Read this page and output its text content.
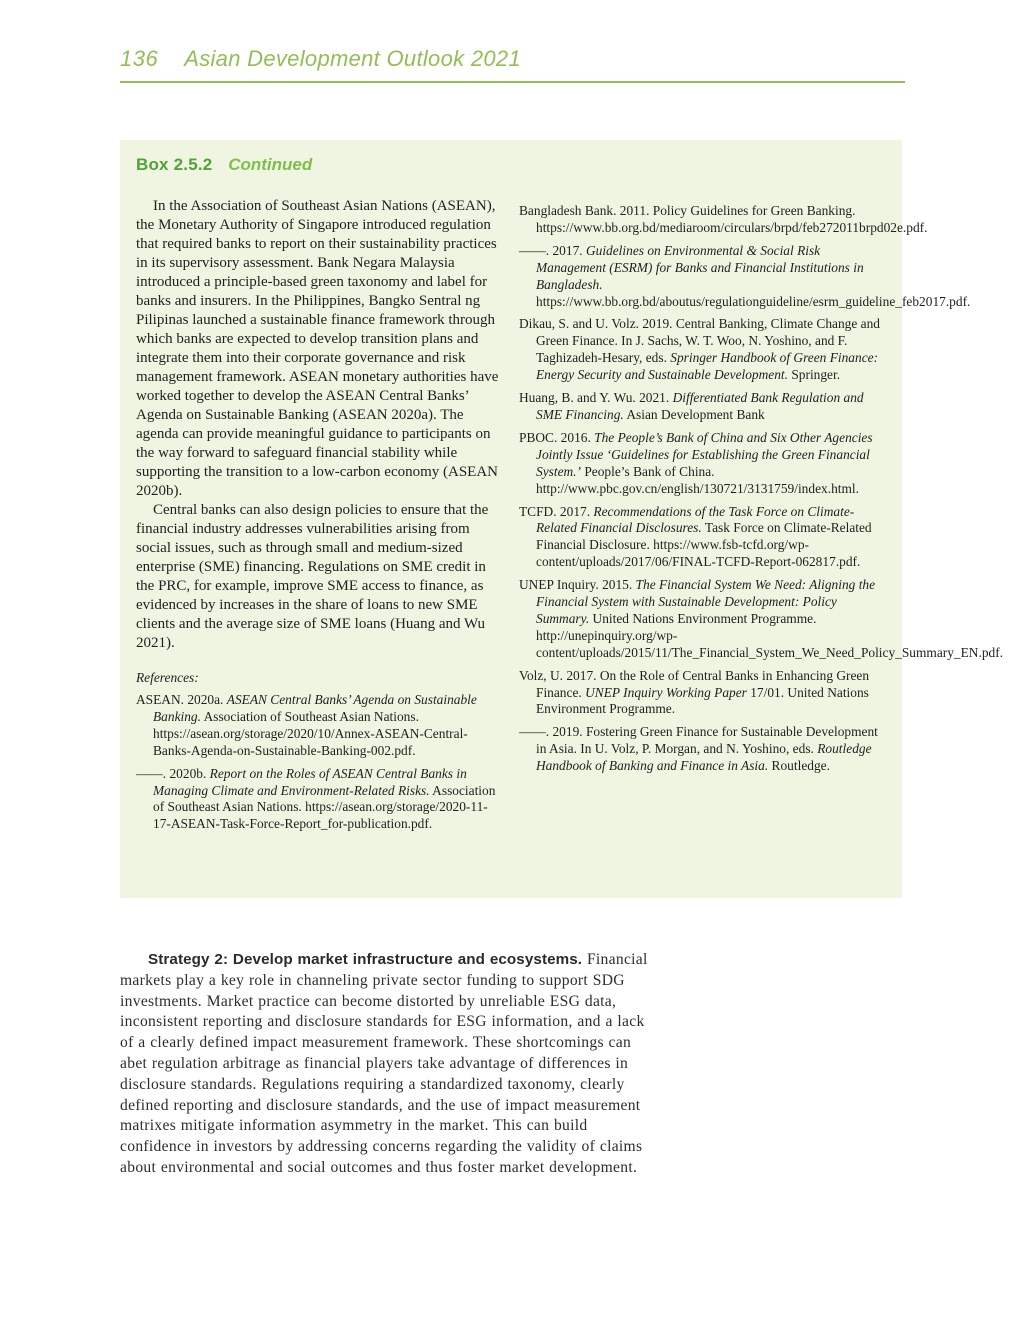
136 Asian Development Outlook 2021
Box 2.5.2 Continued

In the Association of Southeast Asian Nations (ASEAN), the Monetary Authority of Singapore introduced regulation that required banks to report on their sustainability practices in its supervisory assessment. Bank Negara Malaysia introduced a principle-based green taxonomy and label for banks and insurers. In the Philippines, Bangko Sentral ng Pilipinas launched a sustainable finance framework through which banks are expected to develop transition plans and integrate them into their corporate governance and risk management framework. ASEAN monetary authorities have worked together to develop the ASEAN Central Banks’ Agenda on Sustainable Banking (ASEAN 2020a). The agenda can provide meaningful guidance to participants on the way forward to safeguard financial stability while supporting the transition to a low-carbon economy (ASEAN 2020b).

Central banks can also design policies to ensure that the financial industry addresses vulnerabilities arising from social issues, such as through small and medium-sized enterprise (SME) financing. Regulations on SME credit in the PRC, for example, improve SME access to finance, as evidenced by increases in the share of loans to new SME clients and the average size of SME loans (Huang and Wu 2021).

References:

ASEAN. 2020a. ASEAN Central Banks’ Agenda on Sustainable Banking. Association of Southeast Asian Nations. https://asean.org/storage/2020/10/Annex-ASEAN-Central-Banks-Agenda-on-Sustainable-Banking-002.pdf.
——. 2020b. Report on the Roles of ASEAN Central Banks in Managing Climate and Environment-Related Risks. Association of Southeast Asian Nations. https://asean.org/storage/2020-11-17-ASEAN-Task-Force-Report_for-publication.pdf.
Bangladesh Bank. 2011. Policy Guidelines for Green Banking. https://www.bb.org.bd/mediaroom/circulars/brpd/feb272011brpd02e.pdf.
——. 2017. Guidelines on Environmental & Social Risk Management (ESRM) for Banks and Financial Institutions in Bangladesh. https://www.bb.org.bd/aboutus/regulationguideline/esrm_guideline_feb2017.pdf.
Dikau, S. and U. Volz. 2019. Central Banking, Climate Change and Green Finance. In J. Sachs, W. T. Woo, N. Yoshino, and F. Taghizadeh-Hesary, eds. Springer Handbook of Green Finance: Energy Security and Sustainable Development. Springer.
Huang, B. and Y. Wu. 2021. Differentiated Bank Regulation and SME Financing. Asian Development Bank
PBOC. 2016. The People’s Bank of China and Six Other Agencies Jointly Issue ‘Guidelines for Establishing the Green Financial System.’ People’s Bank of China. http://www.pbc.gov.cn/english/130721/3131759/index.html.
TCFD. 2017. Recommendations of the Task Force on Climate-Related Financial Disclosures. Task Force on Climate-Related Financial Disclosure. https://www.fsb-tcfd.org/wp-content/uploads/2017/06/FINAL-TCFD-Report-062817.pdf.
UNEP Inquiry. 2015. The Financial System We Need: Aligning the Financial System with Sustainable Development: Policy Summary. United Nations Environment Programme. http://unepinquiry.org/wp-content/uploads/2015/11/The_Financial_System_We_Need_Policy_Summary_EN.pdf.
Volz, U. 2017. On the Role of Central Banks in Enhancing Green Finance. UNEP Inquiry Working Paper 17/01. United Nations Environment Programme.
——. 2019. Fostering Green Finance for Sustainable Development in Asia. In U. Volz, P. Morgan, and N. Yoshino, eds. Routledge Handbook of Banking and Finance in Asia. Routledge.

Strategy 2: Develop market infrastructure and ecosystems. Financial markets play a key role in channeling private sector funding to support SDG investments. Market practice can become distorted by unreliable ESG data, inconsistent reporting and disclosure standards for ESG information, and a lack of a clearly defined impact measurement framework. These shortcomings can abet regulation arbitrage as financial players take advantage of differences in disclosure standards. Regulations requiring a standardized taxonomy, clearly defined reporting and disclosure standards, and the use of impact measurement matrixes mitigate information asymmetry in the market. This can build confidence in investors by addressing concerns regarding the validity of claims about environmental and social outcomes and thus foster market development.
